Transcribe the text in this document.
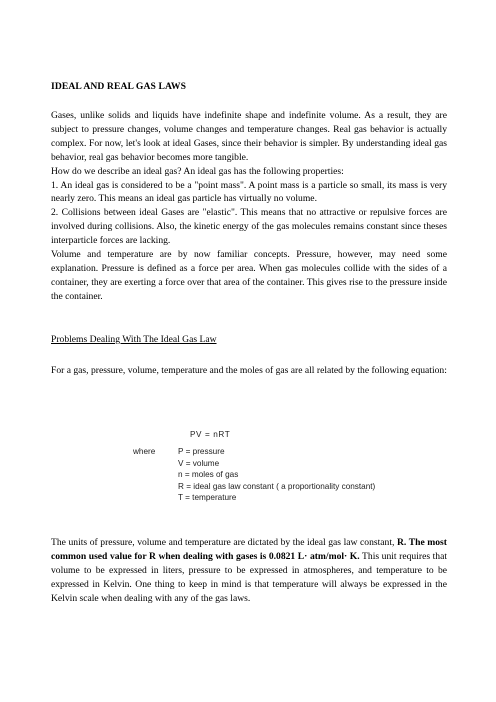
IDEAL AND REAL GAS LAWS

Gases, unlike solids and liquids have indefinite shape and indefinite volume. As a result, they are subject to pressure changes, volume changes and temperature changes. Real gas behavior is actually complex. For now, let's look at ideal Gases, since their behavior is simpler. By understanding ideal gas behavior, real gas behavior becomes more tangible.

How do we describe an ideal gas? An ideal gas has the following properties:

1. An ideal gas is considered to be a "point mass". A point mass is a particle so small, its mass is very nearly zero. This means an ideal gas particle has virtually no volume.

2. Collisions between ideal Gases are "elastic". This means that no attractive or repulsive forces are involved during collisions. Also, the kinetic energy of the gas molecules remains constant since theses interparticle forces are lacking.

Volume and temperature are by now familiar concepts. Pressure, however, may need some explanation. Pressure is defined as a force per area. When gas molecules collide with the sides of a container, they are exerting a force over that area of the container. This gives rise to the pressure inside the container.

Problems Dealing With The Ideal Gas Law

For a gas, pressure, volume, temperature and the moles of gas are all related by the following equation:

PV = nRT
where	P = pressure
V = volume
n = moles of gas
R = ideal gas law constant ( a proportionality constant)
T = temperature

The units of pressure, volume and temperature are dictated by the ideal gas law constant, R. The most common used value for R when dealing with gases is 0.0821 L· atm/mol· K. This unit requires that volume to be expressed in liters, pressure to be expressed in atmospheres, and temperature to be expressed in Kelvin. One thing to keep in mind is that temperature will always be expressed in the Kelvin scale when dealing with any of the gas laws.
